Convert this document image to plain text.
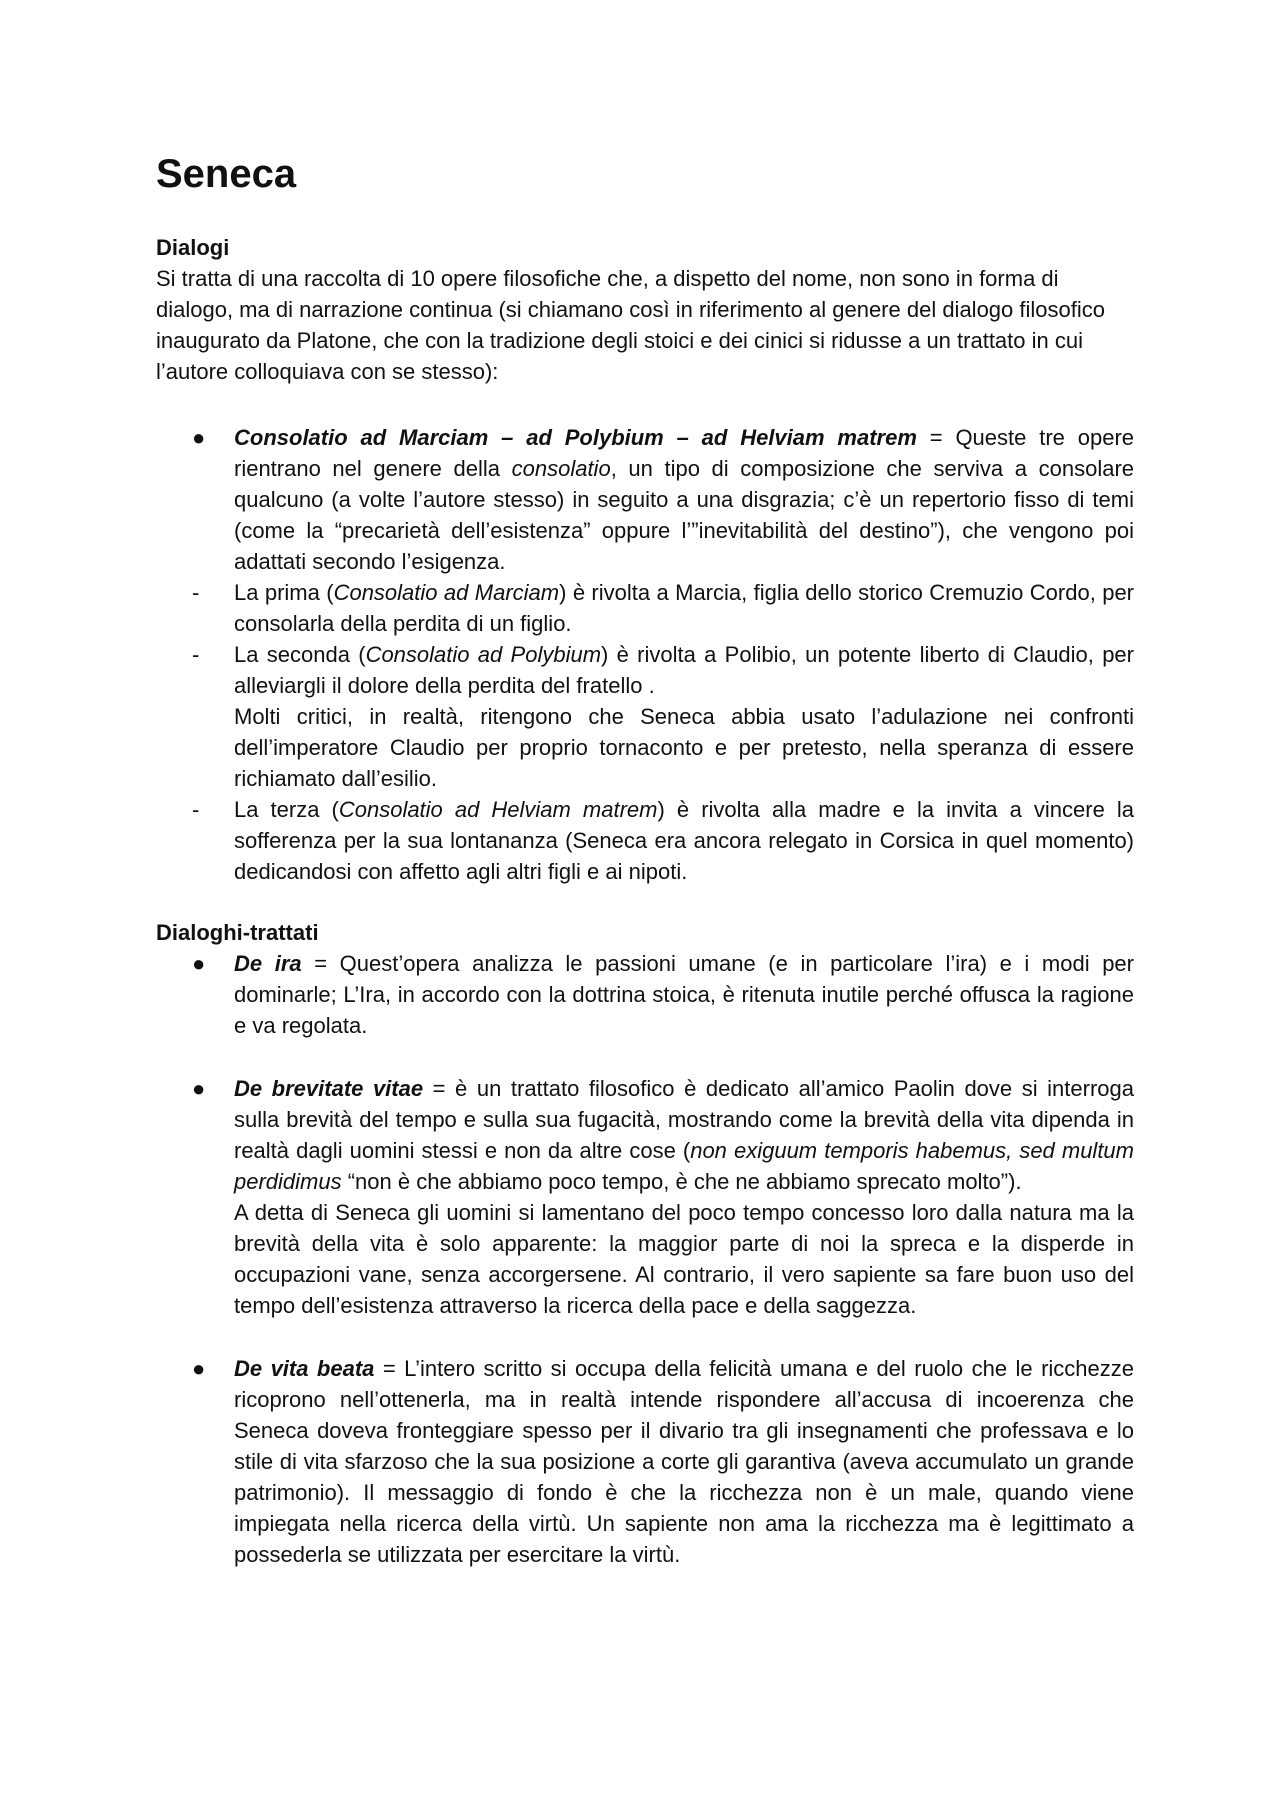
Seneca
Dialogi

Si tratta di una raccolta di 10 opere filosofiche che, a dispetto del nome, non sono in forma di dialogo, ma di narrazione continua (si chiamano così in riferimento al genere del dialogo filosofico inaugurato da Platone, che con la tradizione degli stoici e dei cinici si ridusse a un trattato in cui l’autore colloquiava con se stesso):

●	Consolatio ad Marciam – ad Polybium – ad Helviam matrem = Queste tre opere rientrano nel genere della consolatio, un tipo di composizione che serviva a consolare qualcuno (a volte l’autore stesso) in seguito a una disgrazia; c’è un repertorio fisso di temi (come la “precarietà dell’esistenza” oppure l’”inevitabilità del destino”), che vengono poi adattati secondo l’esigenza.
-	La prima (Consolatio ad Marciam) è rivolta a Marcia, figlia dello storico Cremuzio Cordo, per consolarla della perdita di un figlio.
-	La seconda (Consolatio ad Polybium) è rivolta a Polibio, un potente liberto di Claudio, per alleviargli il dolore della perdita del fratello .
Molti critici, in realtà, ritengono che Seneca abbia usato l’adulazione nei confronti dell’imperatore Claudio per proprio tornaconto e per pretesto, nella speranza di essere richiamato dall’esilio.
-	La terza (Consolatio ad Helviam matrem) è rivolta alla madre e la invita a vincere la sofferenza per la sua lontananza (Seneca era ancora relegato in Corsica in quel momento) dedicandosi con affetto agli altri figli e ai nipoti.
Dialoghi-trattati
●	De ira = Quest’opera analizza le passioni umane (e in particolare l’ira) e i modi per dominarle; L’Ira, in accordo con la dottrina stoica, è ritenuta inutile perché offusca la ragione e va regolata.
●	De brevitate vitae = è un trattato filosofico è dedicato all’amico Paolin dove si interroga sulla brevità del tempo e sulla sua fugacità, mostrando come la brevità della vita dipenda in realtà dagli uomini stessi e non da altre cose (non exiguum temporis habemus, sed multum perdidimus “non è che abbiamo poco tempo, è che ne abbiamo sprecato molto”).
A detta di Seneca gli uomini si lamentano del poco tempo concesso loro dalla natura ma la brevità della vita è solo apparente: la maggior parte di noi la spreca e la disperde in occupazioni vane, senza accorgersene. Al contrario, il vero sapiente sa fare buon uso del tempo dell’esistenza attraverso la ricerca della pace e della saggezza.
●	De vita beata = L’intero scritto si occupa della felicità umana e del ruolo che le ricchezze ricoprono nell’ottenerla, ma in realtà intende rispondere all’accusa di incoerenza che Seneca doveva fronteggiare spesso per il divario tra gli insegnamenti che professava e lo stile di vita sfarzoso che la sua posizione a corte gli garantiva (aveva accumulato un grande patrimonio). Il messaggio di fondo è che la ricchezza non è un male, quando viene impiegata nella ricerca della virtù. Un sapiente non ama la ricchezza ma è legittimato a possederla se utilizzata per esercitare la virtù.
